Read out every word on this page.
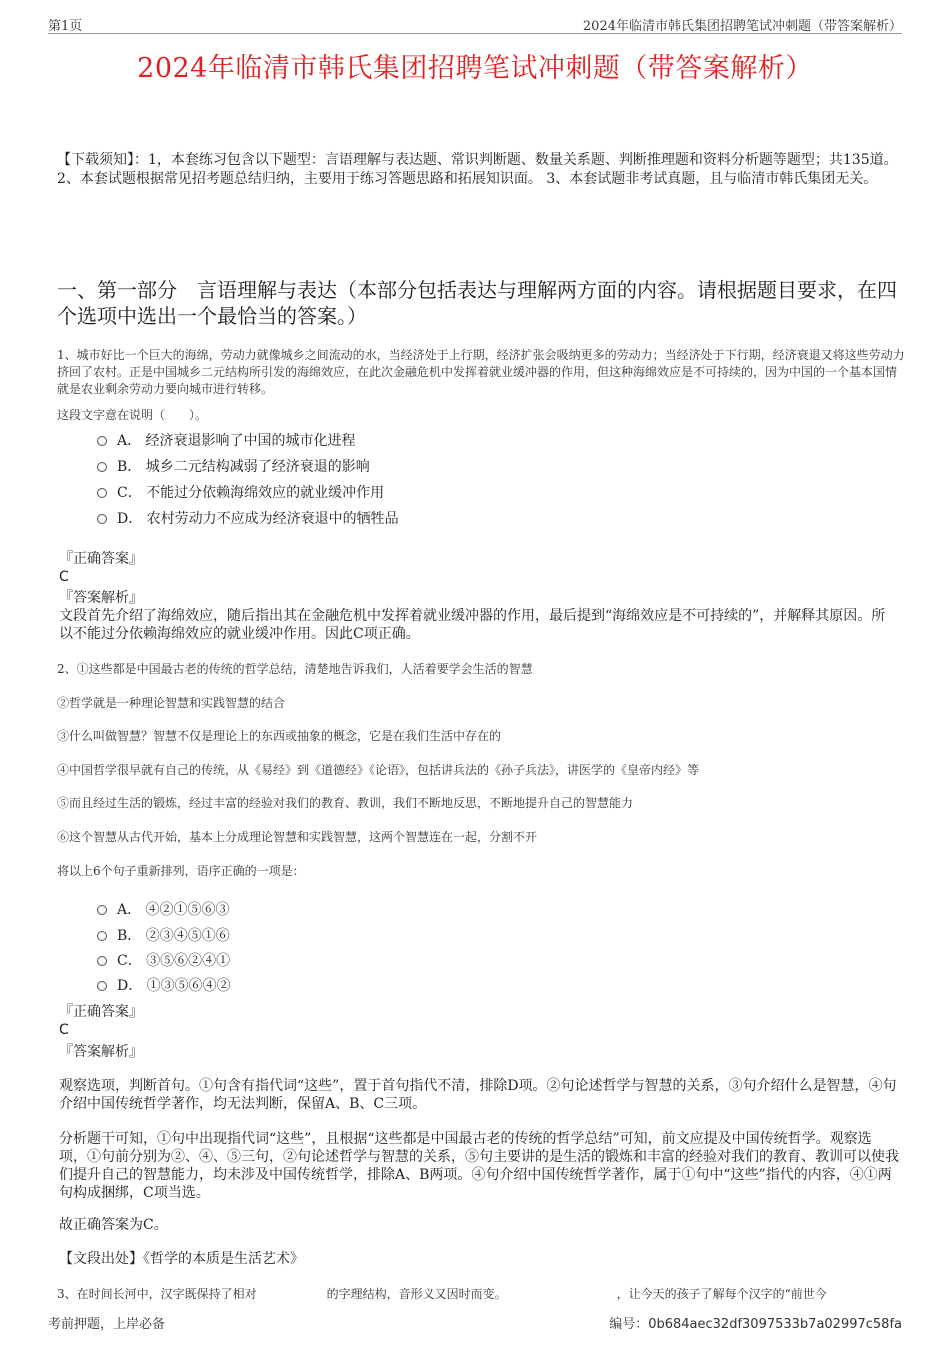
第1页	2024年临清市韩氏集团招聘笔试冲刺题（带答案解析）
2024年临清市韩氏集团招聘笔试冲刺题（带答案解析）
【下载须知】：1，本套练习包含以下题型：言语理解与表达题、常识判断题、数量关系题、判断推理题和资料分析题等题型；共135道。 2、本套试题根据常见招考题总结归纳，主要用于练习答题思路和拓展知识面。 3、本套试题非考试真题，且与临清市韩氏集团无关。
一、第一部分　言语理解与表达（本部分包括表达与理解两方面的内容。请根据题目要求，在四个选项中选出一个最恰当的答案。）
1、城市好比一个巨大的海绵，劳动力就像城乡之间流动的水，当经济处于上行期，经济扩张会吸纳更多的劳动力；当经济处于下行期，经济衰退又将这些劳动力挤回了农村。正是中国城乡二元结构所引发的海绵效应，在此次金融危机中发挥着就业缓冲器的作用，但这种海绵效应是不可持续的，因为中国的一个基本国情就是农业剩余劳动力要向城市进行转移。
这段文字意在说明（　　）。
A． 经济衰退影响了中国的城市化进程
B． 城乡二元结构减弱了经济衰退的影响
C． 不能过分依赖海绵效应的就业缓冲作用
D． 农村劳动力不应成为经济衰退中的牺牲品
『正确答案』
C
『答案解析』
文段首先介绍了海绵效应，随后指出其在金融危机中发挥着就业缓冲器的作用，最后提到“海绵效应是不可持续的”，并解释其原因。所以不能过分依赖海绵效应的就业缓冲作用。因此C项正确。
2、①这些都是中国最古老的传统的哲学总结，清楚地告诉我们，人活着要学会生活的智慧
②哲学就是一种理论智慧和实践智慧的结合
③什么叫做智慧？智慧不仅是理论上的东西或抽象的概念，它是在我们生活中存在的
④中国哲学很早就有自己的传统，从《易经》到《道德经》《论语》，包括讲兵法的《孙子兵法》，讲医学的《皇帝内经》等
⑤而且经过生活的锻炼，经过丰富的经验对我们的教育、教训，我们不断地反思，不断地提升自己的智慧能力
⑥这个智慧从古代开始，基本上分成理论智慧和实践智慧，这两个智慧连在一起，分割不开
将以上6个句子重新排列，语序正确的一项是：
A． ④②①⑤⑥③
B． ②③④⑤①⑥
C． ③⑤⑥②④①
D． ①③⑤⑥④②
『正确答案』
C
『答案解析』
观察选项，判断首句。①句含有指代词“这些”，置于首句指代不清，排除D项。②句论述哲学与智慧的关系，③句介绍什么是智慧，④句介绍中国传统哲学著作，均无法判断，保留A、B、C三项。
分析题干可知，①句中出现指代词“这些”，且根据“这些都是中国最古老的传统的哲学总结”可知，前文应提及中国传统哲学。观察选项，①句前分别为②、④、⑤三句，②句论述哲学与智慧的关系，⑤句主要讲的是生活的锻炼和丰富的经验对我们的教育、教训可以使我们提升自己的智慧能力，均未涉及中国传统哲学，排除A、B两项。④句介绍中国传统哲学著作，属于①句中“这些”指代的内容，④①两句构成捆绑，C项当选。
故正确答案为C。
【文段出处】《哲学的本质是生活艺术》
3、在时间长河中，汉字既保持了相对	的字理结构，音形义又因时而变。	，让今天的孩子了解每个汉字的“前世今
考前押题，上岸必备	编号：0b684aec32df3097533b7a02997c58fa
